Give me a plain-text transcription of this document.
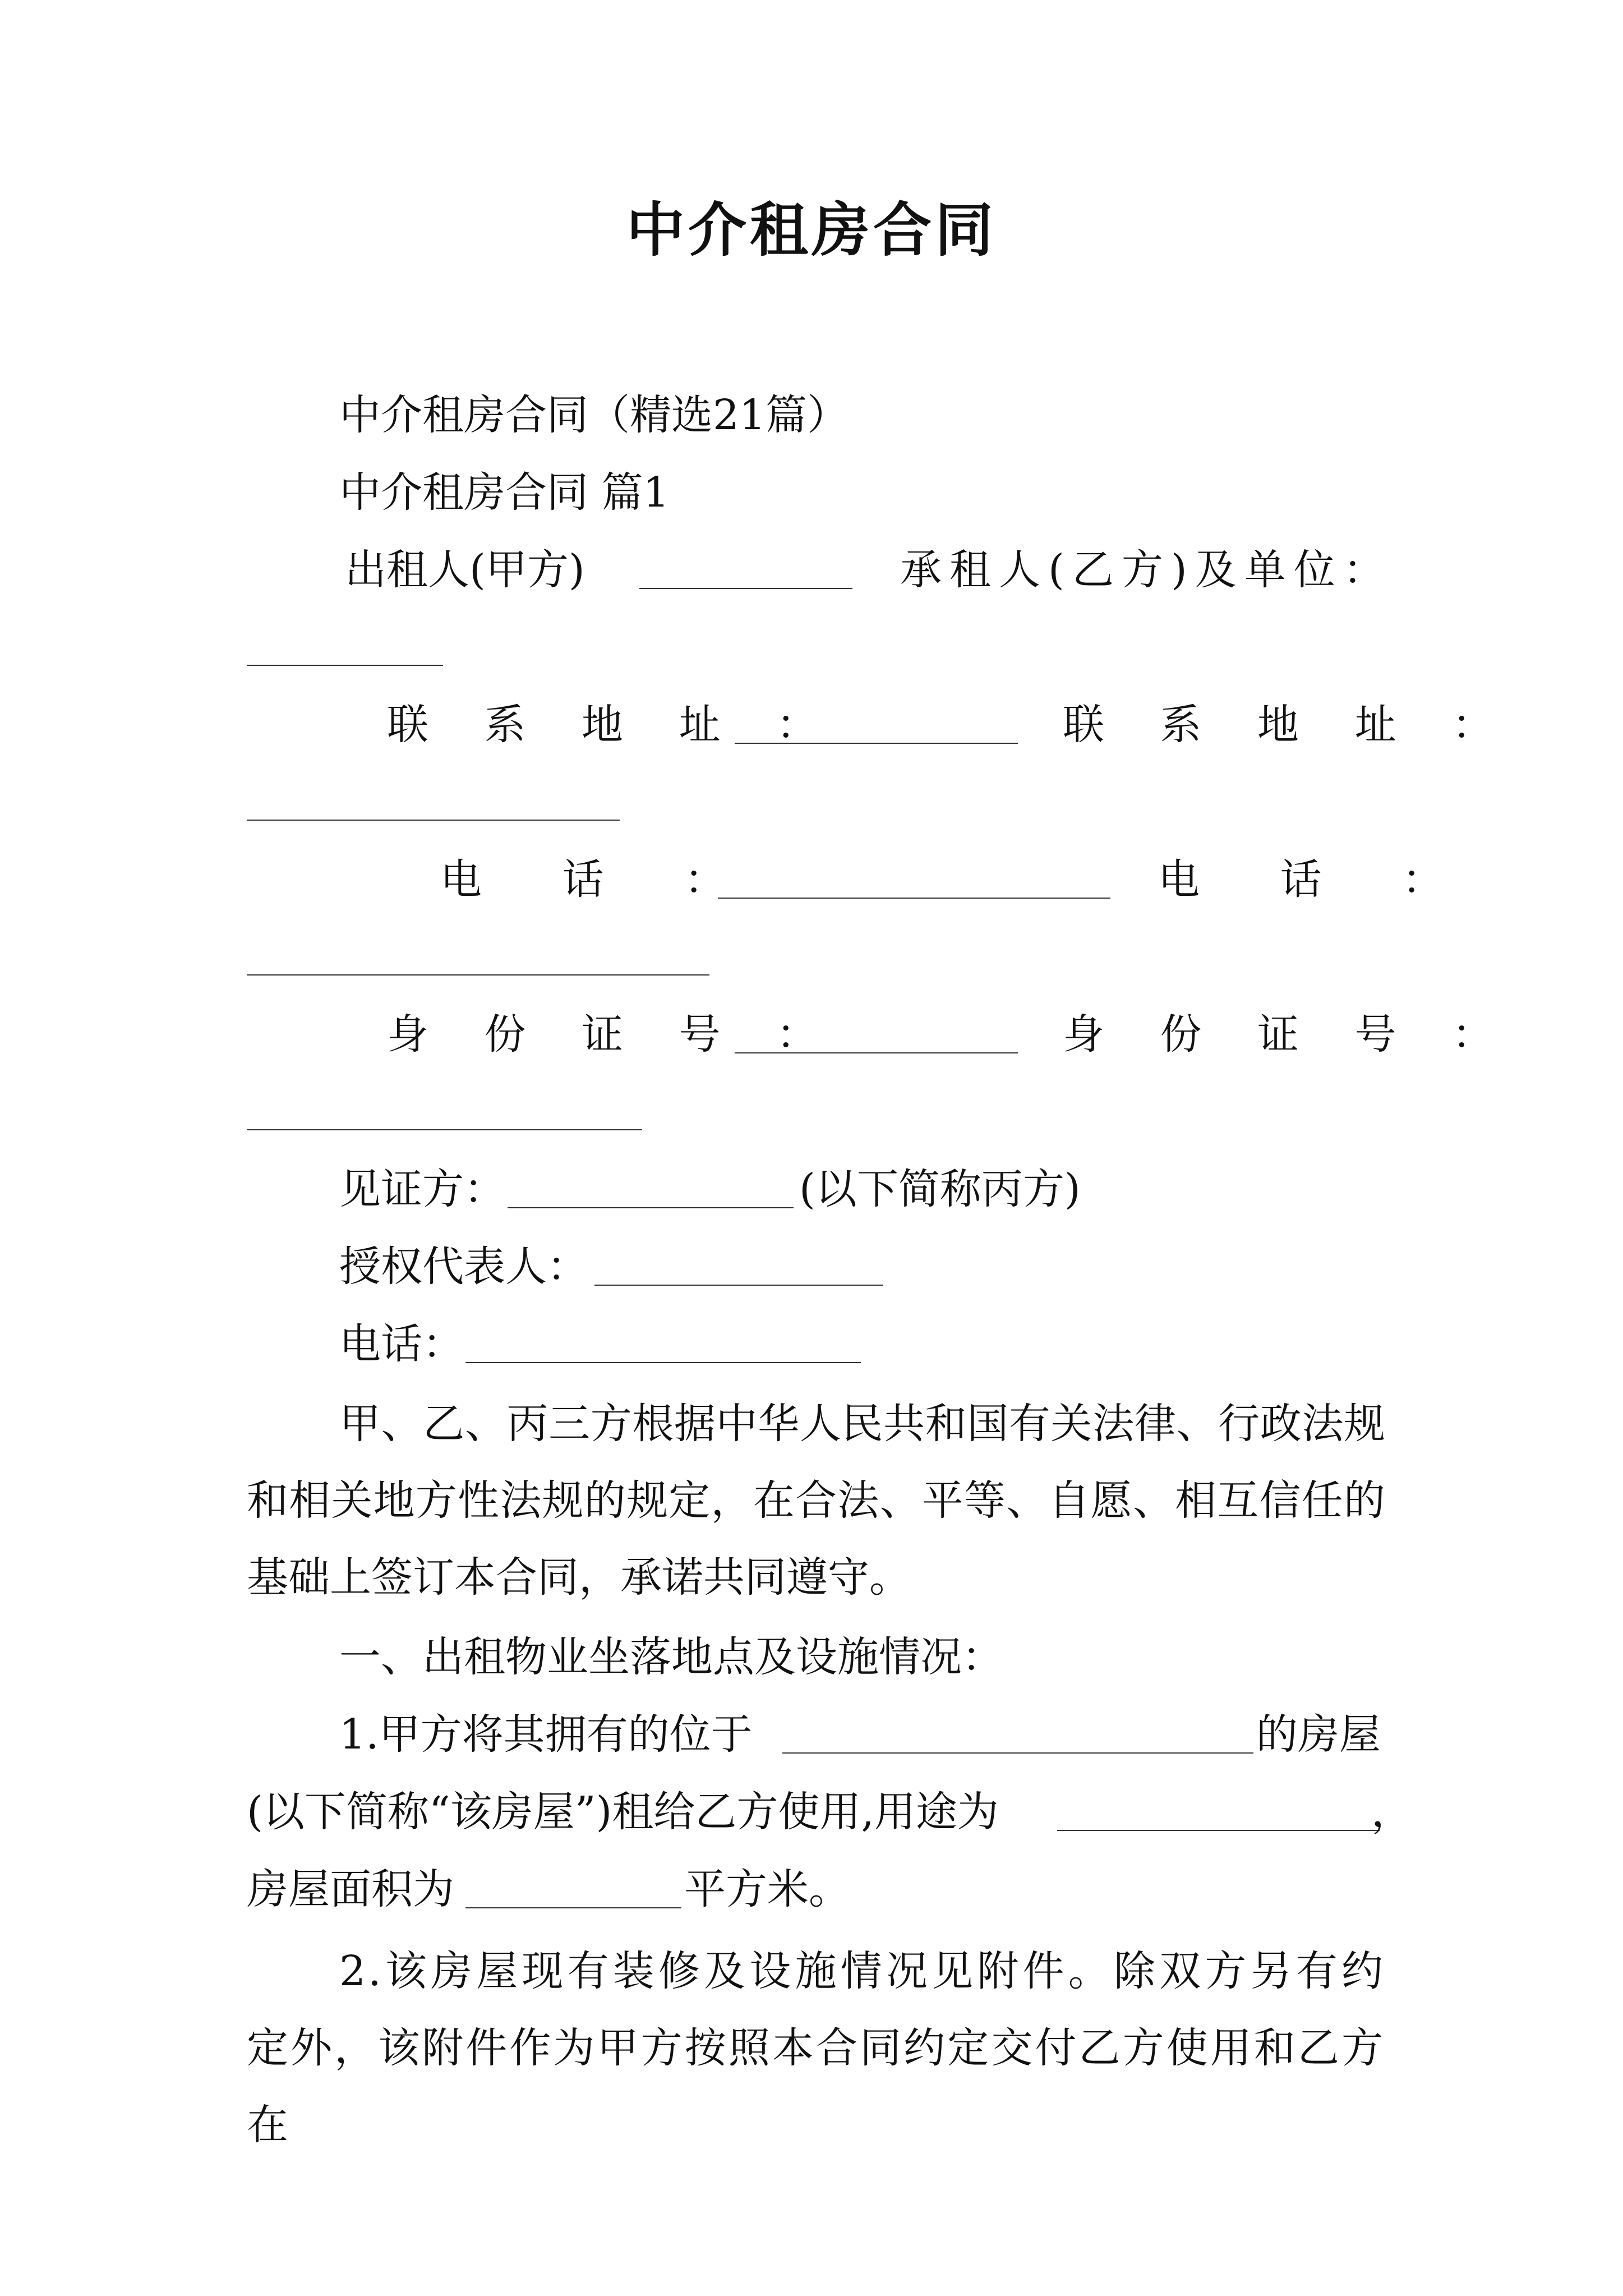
中介租房合同
中介租房合同（精选21篇）
中介租房合同 篇1
出租人(甲方)	承租人(乙方)及单位：
联 系 地 址 ：	联 系 地 址 ：
电 话 ：	电 话 ：
身 份 证 号 ：	身 份 证 号 ：
见证方：	(以下简称丙方)
授权代表人：
电话：
甲、乙、丙三方根据中华人民共和国有关法律、行政法规和相关地方性法规的规定，在合法、平等、自愿、相互信任的基础上签订本合同，承诺共同遵守。
一、出租物业坐落地点及设施情况：
1.甲方将其拥有的位于	的房屋
(以下简称“该房屋”)租给乙方使用,用途为	，
房屋面积为	平方米。
2.该房屋现有装修及设施情况见附件。除双方另有约定外，该附件作为甲方按照本合同约定交付乙方使用和乙方在
